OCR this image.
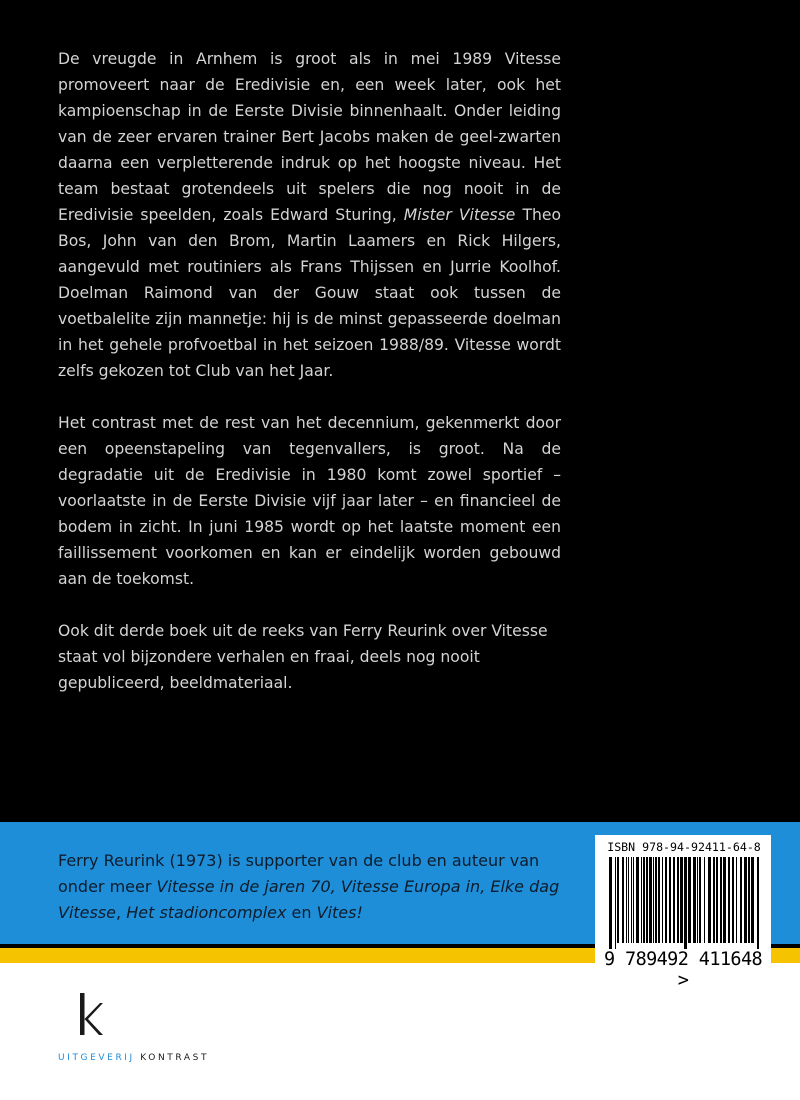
De vreugde in Arnhem is groot als in mei 1989 Vitesse promoveert naar de Eredivisie en, een week later, ook het kampioenschap in de Eerste Divisie binnenhaalt. Onder leiding van de zeer ervaren trainer Bert Jacobs maken de geel-zwarten daarna een verpletterende indruk op het hoogste niveau. Het team bestaat grotendeels uit spelers die nog nooit in de Eredivisie speelden, zoals Edward Sturing, Mister Vitesse Theo Bos, John van den Brom, Martin Laamers en Rick Hilgers, aangevuld met routiniers als Frans Thijssen en Jurrie Koolhof. Doelman Raimond van der Gouw staat ook tussen de voetbalelite zijn mannetje: hij is de minst gepasseerde doelman in het gehele profvoetbal in het seizoen 1988/89. Vitesse wordt zelfs gekozen tot Club van het Jaar.

Het contrast met de rest van het decennium, gekenmerkt door een opeenstapeling van tegenvallers, is groot. Na de degradatie uit de Eredivisie in 1980 komt zowel sportief – voorlaatste in de Eerste Divisie vijf jaar later – en financieel de bodem in zicht. In juni 1985 wordt op het laatste moment een faillissement voorkomen en kan er eindelijk worden gebouwd aan de toekomst.

Ook dit derde boek uit de reeks van Ferry Reurink over Vitesse staat vol bijzondere verhalen en fraai, deels nog nooit gepubliceerd, beeldmateriaal.

Ferry Reurink (1973) is supporter van de club en auteur van onder meer Vitesse in de jaren 70, Vitesse Europa in, Elke dag Vitesse, Het stadioncomplex en Vites!
ISBN 978-94-92411-64-8
9 789492 411648 >
UITGEVERIJ KONTRAST
